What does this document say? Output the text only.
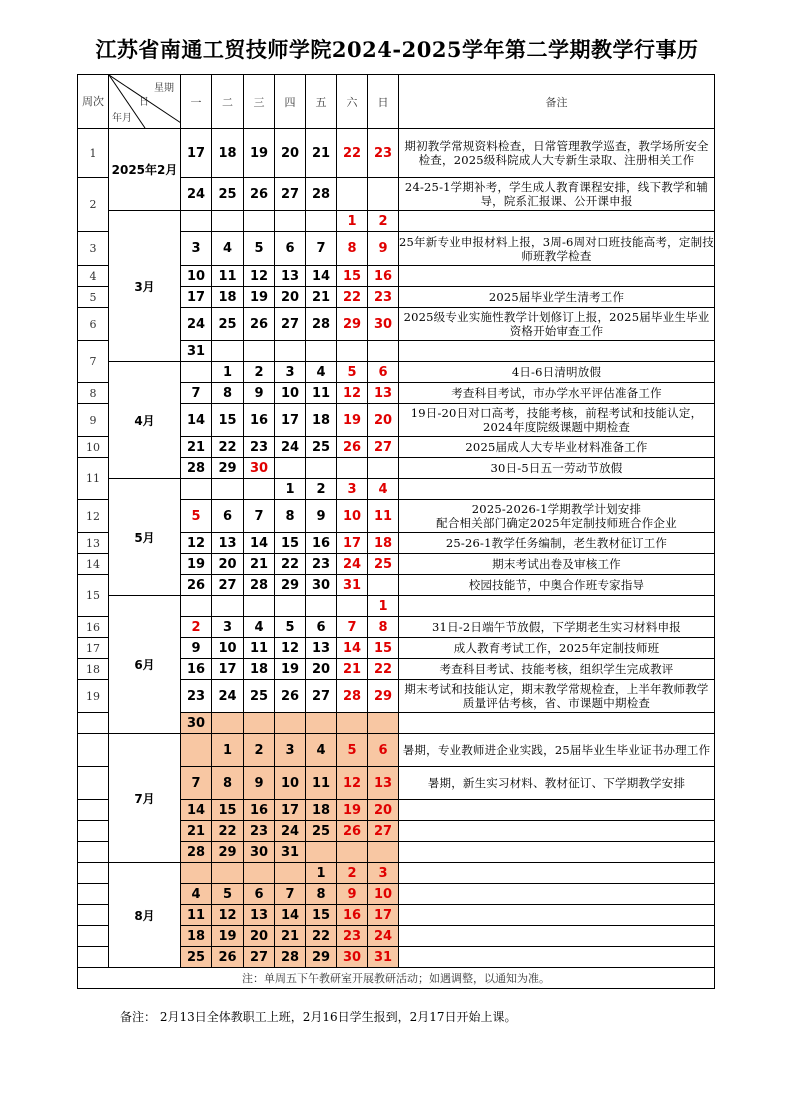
江苏省南通工贸技师学院2024-2025学年第二学期教学行事历
周次	星期
日
年月	一	二	三	四	五	六	日	备注
1	2025年2月	17	18	19	20	21	22	23	期初教学常规资料检查，日常管理教学巡查，教学场所安全检查，2025级科院成人大专新生录取、注册相关工作
2		24	25	26	27	28			24-25-1学期补考，学生成人教育课程安排，线下教学和辅导，院系汇报课、公开课申报
	3月						1	2	
3		3	4	5	6	7	8	9	25年新专业申报材料上报，3周-6周对口班技能高考，定制技师班教学检查
4		10	11	12	13	14	15	16	
5		17	18	19	20	21	22	23	2025届毕业学生清考工作
6		24	25	26	27	28	29	30	2025级专业实施性教学计划修订上报，2025届毕业生毕业资格开始审查工作
7		31							
	4月		1	2	3	4	5	6	4日-6日清明放假
8		7	8	9	10	11	12	13	考查科目考试，市办学水平评估准备工作
9		14	15	16	17	18	19	20	19日-20日对口高考，技能考核，前程考试和技能认定，2024年度院级课题中期检查
10		21	22	23	24	25	26	27	2025届成人大专毕业材料准备工作
11		28	29	30					30日-5日五一劳动节放假
	5月				1	2	3	4	
12		5	6	7	8	9	10	11	2025-2026-1学期教学计划安排
配合相关部门确定2025年定制技师班合作企业

13		12	13	14	15	16	17	18	25-26-1教学任务编制，老生教材征订工作
14		19	20	21	22	23	24	25	期末考试出卷及审核工作
15		26	27	28	29	30	31		校园技能节，中奥合作班专家指导
	6月							1	
16		2	3	4	5	6	7	8	31日-2日端午节放假，下学期老生实习材料申报
17		9	10	11	12	13	14	15	成人教育考试工作，2025年定制技师班
18		16	17	18	19	20	21	22	考查科目考试、技能考核，组织学生完成教评
19		23	24	25	26	27	28	29	期末考试和技能认定，期末教学常规检查，上半年教师教学质量评估考核，省、市课题中期检查
		30							
	7月		1	2	3	4	5	6	暑期，专业教师进企业实践，25届毕业生毕业证书办理工作
		7	8	9	10	11	12	13	暑期，新生实习材料、教材征订、下学期教学安排
		14	15	16	17	18	19	20	
		21	22	23	24	25	26	27	
		28	29	30	31				
	8月					1	2	3	
		4	5	6	7	8	9	10	
		11	12	13	14	15	16	17	
		18	19	20	21	22	23	24	
		25	26	27	28	29	30	31	
注：单周五下午教研室开展教研活动；如遇调整，以通知为准。									
备注： 2月13日全体教职工上班，2月16日学生报到，2月17日开始上课。
